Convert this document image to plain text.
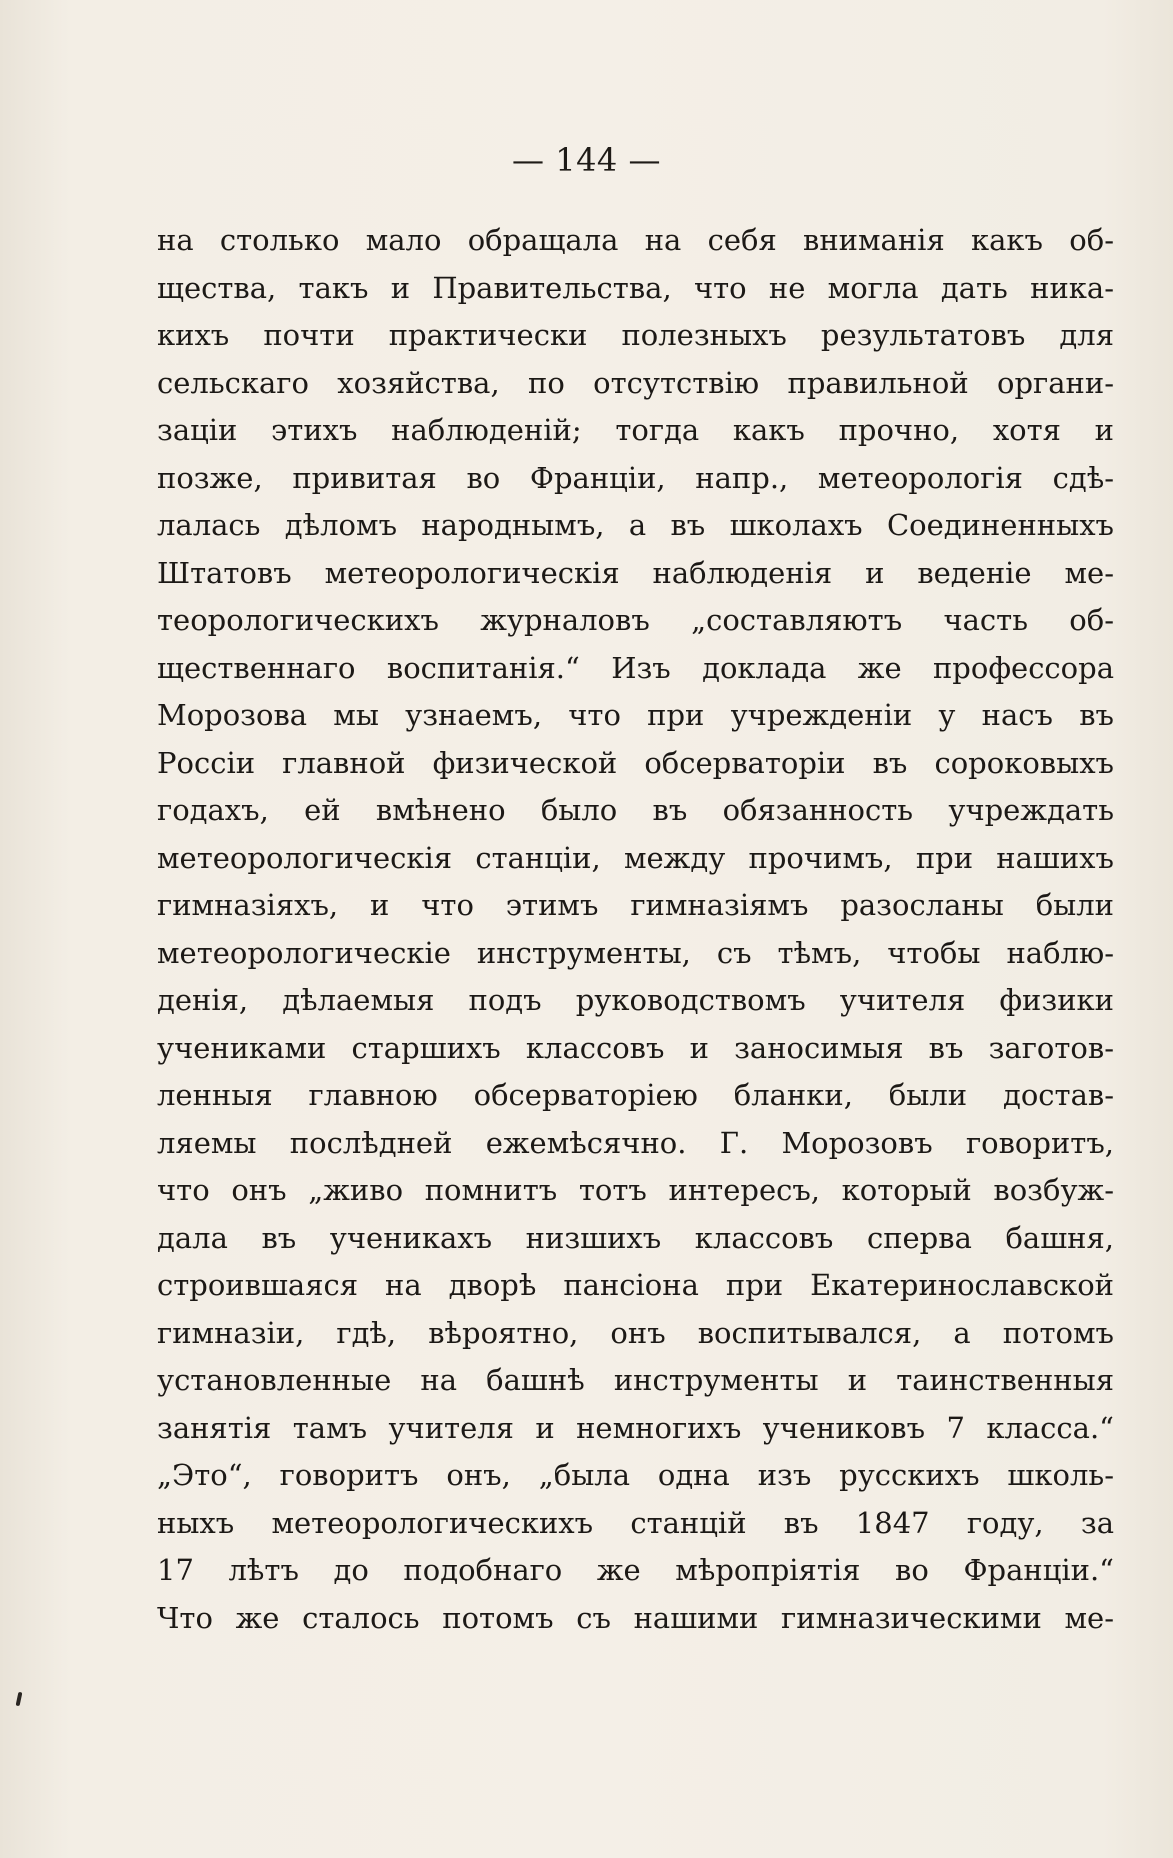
— 144 —
на столько мало обращала на себя вниманія какъ об-
щества, такъ и Правительства, что не могла дать никa-
кихъ почти практически полезныхъ результатовъ для
сельскаго хозяйства, по отсутствію правильной органи-
заціи этихъ наблюденій; тогда какъ прочно, хотя и
позже, привитая во Франціи, напр., метеорологія сдѣ-
лалась дѣломъ народнымъ, а въ школахъ Соединенныхъ
Штатовъ метеорологическія наблюденія и веденіе ме-
теорологическихъ журналовъ „составляютъ часть об-
щественнаго воспитанія.“ Изъ доклада же профессора
Морозова мы узнаемъ, что при учрежденіи у насъ въ
Россіи главной физической обсерваторіи въ сороковыхъ
годахъ, ей вмѣнено было въ обязанность учреждать
метеорологическія станціи, между прочимъ, при нашихъ
гимназіяхъ, и что этимъ гимназіямъ разосланы были
метеорологическіе инструменты, съ тѣмъ, чтобы наблю-
денія, дѣлаемыя подъ руководствомъ учителя физики
учениками старшихъ классовъ и заносимыя въ заготов-
ленныя главною обсерваторіею бланки, были достав-
ляемы послѣдней ежемѣсячно. Г. Морозовъ говоритъ,
что онъ „живо помнитъ тотъ интересъ, который возбуж-
дала въ ученикахъ низшихъ классовъ сперва башня,
строившаяся на дворѣ пансіона при Екатеринославской
гимназіи, гдѣ, вѣроятно, онъ воспитывался, а потомъ
установленные на башнѣ инструменты и таинственныя
занятія тамъ учителя и немногихъ учениковъ 7 класса.“
„Это“, говоритъ онъ, „была одна изъ русскихъ школь-
ныхъ метеорологическихъ станцій въ 1847 году, за
17 лѣтъ до подобнаго же мѣропріятія во Франціи.“
Что же сталось потомъ съ нашими гимназическими ме-
